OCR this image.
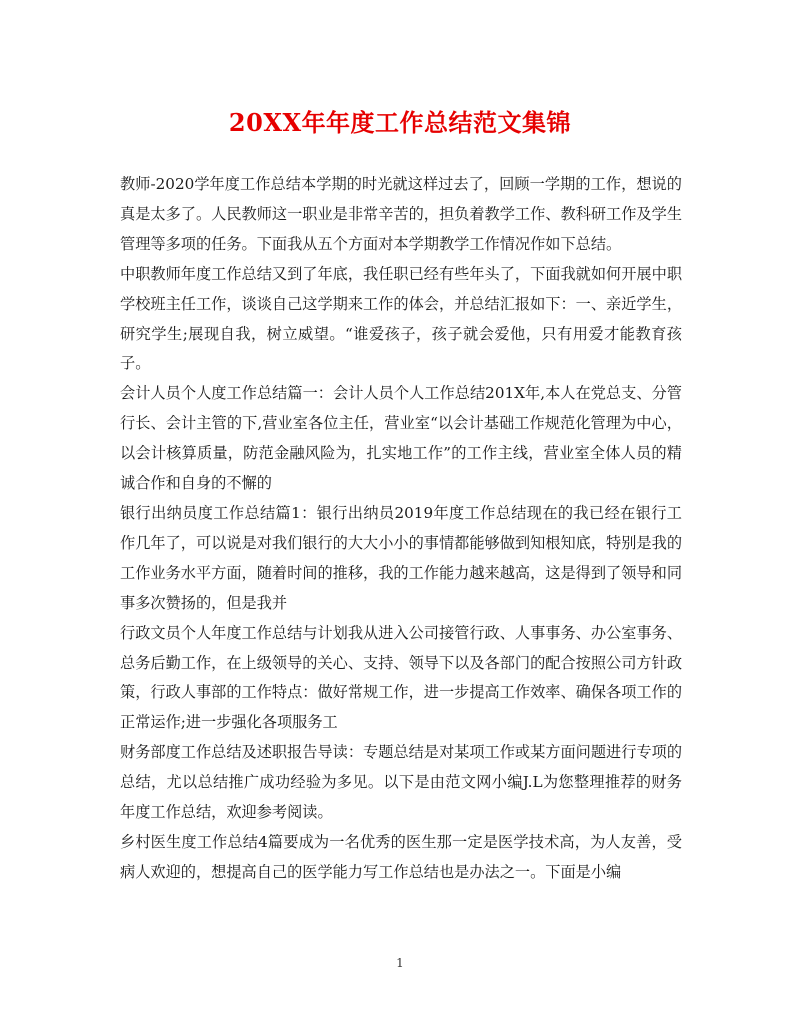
20XX年年度工作总结范文集锦

教师-2020学年度工作总结本学期的时光就这样过去了，回顾一学期的工作，想说的真是太多了。人民教师这一职业是非常辛苦的，担负着教学工作、教科研工作及学生管理等多项的任务。下面我从五个方面对本学期教学工作情况作如下总结。

中职教师年度工作总结又到了年底，我任职已经有些年头了，下面我就如何开展中职学校班主任工作，谈谈自己这学期来工作的体会，并总结汇报如下：一、亲近学生，研究学生;展现自我，树立威望。“谁爱孩子，孩子就会爱他，只有用爱才能教育孩子。

会计人员个人度工作总结篇一：会计人员个人工作总结201X年,本人在党总支、分管行长、会计主管的下,营业室各位主任，营业室“以会计基础工作规范化管理为中心，以会计核算质量，防范金融风险为，扎实地工作”的工作主线，营业室全体人员的精诚合作和自身的不懈的

银行出纳员度工作总结篇1：银行出纳员2019年度工作总结现在的我已经在银行工作几年了，可以说是对我们银行的大大小小的事情都能够做到知根知底，特别是我的工作业务水平方面，随着时间的推移，我的工作能力越来越高，这是得到了领导和同事多次赞扬的，但是我并

行政文员个人年度工作总结与计划我从进入公司接管行政、人事事务、办公室事务、总务后勤工作，在上级领导的关心、支持、领导下以及各部门的配合按照公司方针政策，行政人事部的工作特点：做好常规工作，进一步提高工作效率、确保各项工作的正常运作;进一步强化各项服务工

财务部度工作总结及述职报告导读：专题总结是对某项工作或某方面问题进行专项的总结，尤以总结推广成功经验为多见。以下是由范文网小编J.L为您整理推荐的财务年度工作总结，欢迎参考阅读。

乡村医生度工作总结4篇要成为一名优秀的医生那一定是医学技术高，为人友善，受病人欢迎的，想提高自己的医学能力写工作总结也是办法之一。下面是小编

1
